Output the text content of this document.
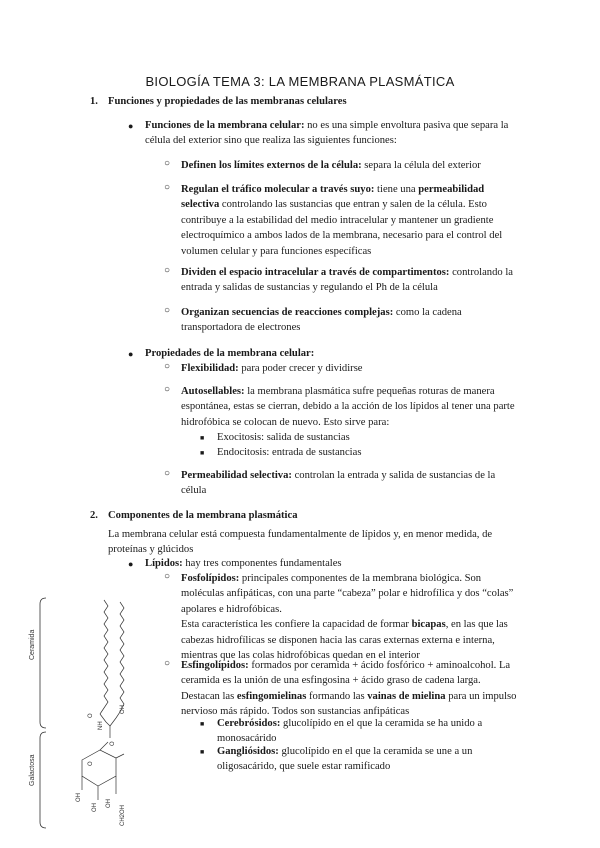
BIOLOGÍA TEMA 3: LA MEMBRANA PLASMÁTICA
1. Funciones y propiedades de las membranas celulares
● Funciones de la membrana celular: no es una simple envoltura pasiva que separa la célula del exterior sino que realiza las siguientes funciones:
○ Definen los límites externos de la célula: separa la célula del exterior
○ Regulan el tráfico molecular a través suyo: tiene una permeabilidad selectiva controlando las sustancias que entran y salen de la célula. Esto contribuye a la estabilidad del medio intracelular y mantener un gradiente electroquímico a ambos lados de la membrana, necesario para el control del volumen celular y para funciones específicas
○ Dividen el espacio intracelular a través de compartimentos: controlando la entrada y salidas de sustancias y regulando el Ph de la célula
○ Organizan secuencias de reacciones complejas: como la cadena transportadora de electrones
● Propiedades de la membrana celular:
○ Flexibilidad: para poder crecer y dividirse
○ Autosellables: la membrana plasmática sufre pequeñas roturas de manera espontánea, estas se cierran, debido a la acción de los lípidos al tener una parte hidrofóbica se colocan de nuevo. Esto sirve para:
■ Exocitosis: salida de sustancias
■ Endocitosis: entrada de sustancias
○ Permeabilidad selectiva: controlan la entrada y salida de sustancias de la célula
2. Componentes de la membrana plasmática
La membrana celular está compuesta fundamentalmente de lípidos y, en menor medida, de proteínas y glúcidos
● Lípidos: hay tres componentes fundamentales
○ Fosfolípidos: principales componentes de la membrana biológica. Son moléculas anfipáticas, con una parte “cabeza” polar e hidrofílica y dos “colas” apolares e hidrofóbicas.
Esta característica les confiere la capacidad de formar bicapas, en las que las cabezas hidrofílicas se disponen hacia las caras externas externa e interna, mientras que las colas hidrofóbicas quedan en el interior
○ Esfingolípidos: formados por ceramida + ácido fosfórico + aminoalcohol. La ceramida es la unión de una esfingosina + ácido graso de cadena larga.
Destacan las esfingomielinas formando las vainas de mielina para un impulso nervioso más rápido. Todos son sustancias anfipáticas
■ Cerebrósidos: glucolípido en el que la ceramida se ha unido a monosacárido
■ Gangliósidos: glucolípido en el que la ceramida se une a un oligosacárido, que suele estar ramificado
Ceramida
Galactosa
O
NH
OH
O
O
OH
OH OH
CH2OH
